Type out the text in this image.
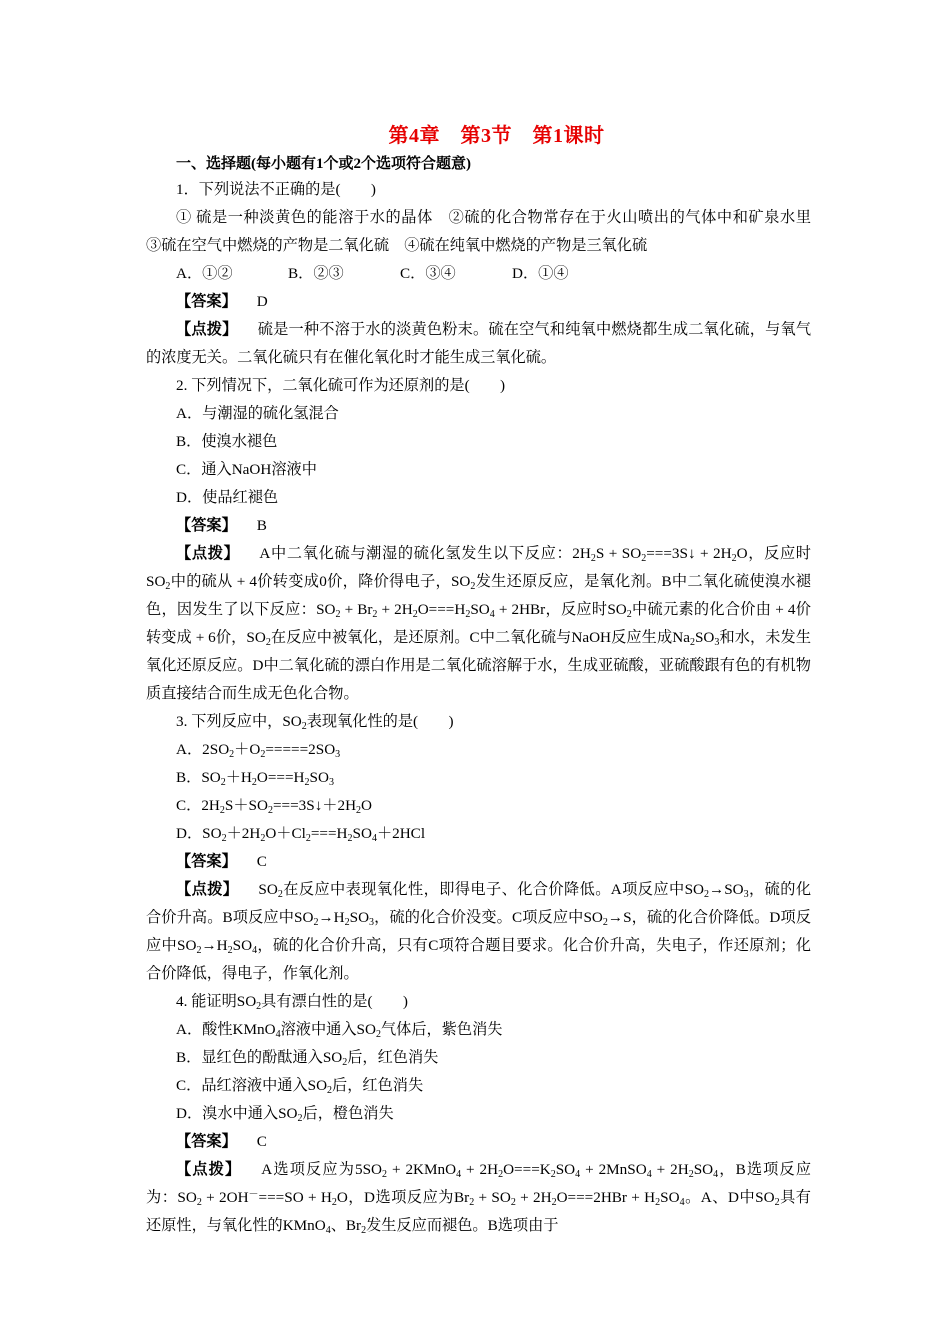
第4章　第3节　第1课时
一、选择题(每小题有1个或2个选项符合题意)

1．下列说法不正确的是(　　)

① 硫是一种淡黄色的能溶于水的晶体　②硫的化合物常存在于火山喷出的气体中和矿泉水里　③硫在空气中燃烧的产物是二氧化硫　④硫在纯氧中燃烧的产物是三氧化硫

A．①②	B．②③	C．③④	D．①④

【答案】 D

【点拨】 硫是一种不溶于水的淡黄色粉末。硫在空气和纯氧中燃烧都生成二氧化硫，与氧气的浓度无关。二氧化硫只有在催化氧化时才能生成三氧化硫。

2. 下列情况下，二氧化硫可作为还原剂的是(　　)

A．与潮湿的硫化氢混合

B．使溴水褪色

C．通入NaOH溶液中

D．使品红褪色

【答案】 B

【点拨】 A中二氧化硫与潮湿的硫化氢发生以下反应：$2H_2S$ + $SO_2===3S↓ + 2H_2O$，反应时$SO_2$中的硫从 + 4价转变成0价，降价得电子，$SO_2$发生还原反应，是氧化剂。B中二氧化硫使溴水褪色，因发生了以下反应：$SO_2 + Br_2 + 2H_2O===H_2SO_4 + 2HBr$，反应时$SO_2$中硫元素的化合价由 + 4价转变成 + 6价，$SO_2$在反应中被氧化，是还原剂。C中二氧化硫与NaOH反应生成$Na_2SO_3$和水，未发生氧化还原反应。D中二氧化硫的漂白作用是二氧化硫溶解于水，生成亚硫酸，亚硫酸跟有色的有机物质直接结合而生成无色化合物。

3. 下列反应中，$SO_2$表现氧化性的是(　　)

A．$2SO_2+O_2=====2SO_3$

B．$SO_2+H_2O===H_2SO_3$

C．$2H_2S+SO_2===3S↓+2H_2O$

D．$SO_2+2H_2O+Cl_2===H_2SO_4+2HCl$

【答案】 C

【点拨】 $SO_2$在反应中表现氧化性，即得电子、化合价降低。A项反应中$SO_2\to SO_3$，硫的化合价升高。B项反应中$SO_2\to H_2SO_3$，硫的化合价没变。C项反应中$SO_2\to S$，硫的化合价降低。D项反应中$SO_2\to H_2SO_4$，硫的化合价升高，只有C项符合题目要求。化合价升高，失电子，作还原剂；化合价降低，得电子，作氧化剂。

4. 能证明$SO_2$具有漂白性的是(　　)

A．酸性KMnO$_4$溶液中通入$SO_2$气体后，紫色消失

B．显红色的酚酞通入$SO_2$后，红色消失

C．品红溶液中通入$SO_2$后，红色消失

D．溴水中通入$SO_2$后，橙色消失

【答案】 C

【点拨】 A选项反应为$5SO_2$ + 2KMnO$_4$ + $2H_2O===K_2SO_4$ + 2MnSO$_4$ + $2H_2SO_4$，B选项反应为：$SO_2 + 2OH^-===SO + H_2O$，D选项反应为$Br_2 + SO_2 + 2H_2O===2HBr + H_2SO_4$。A、D中$SO_2$具有还原性，与氧化性的KMnO$_4$、$Br_2$发生反应而褪色。B选项由于
